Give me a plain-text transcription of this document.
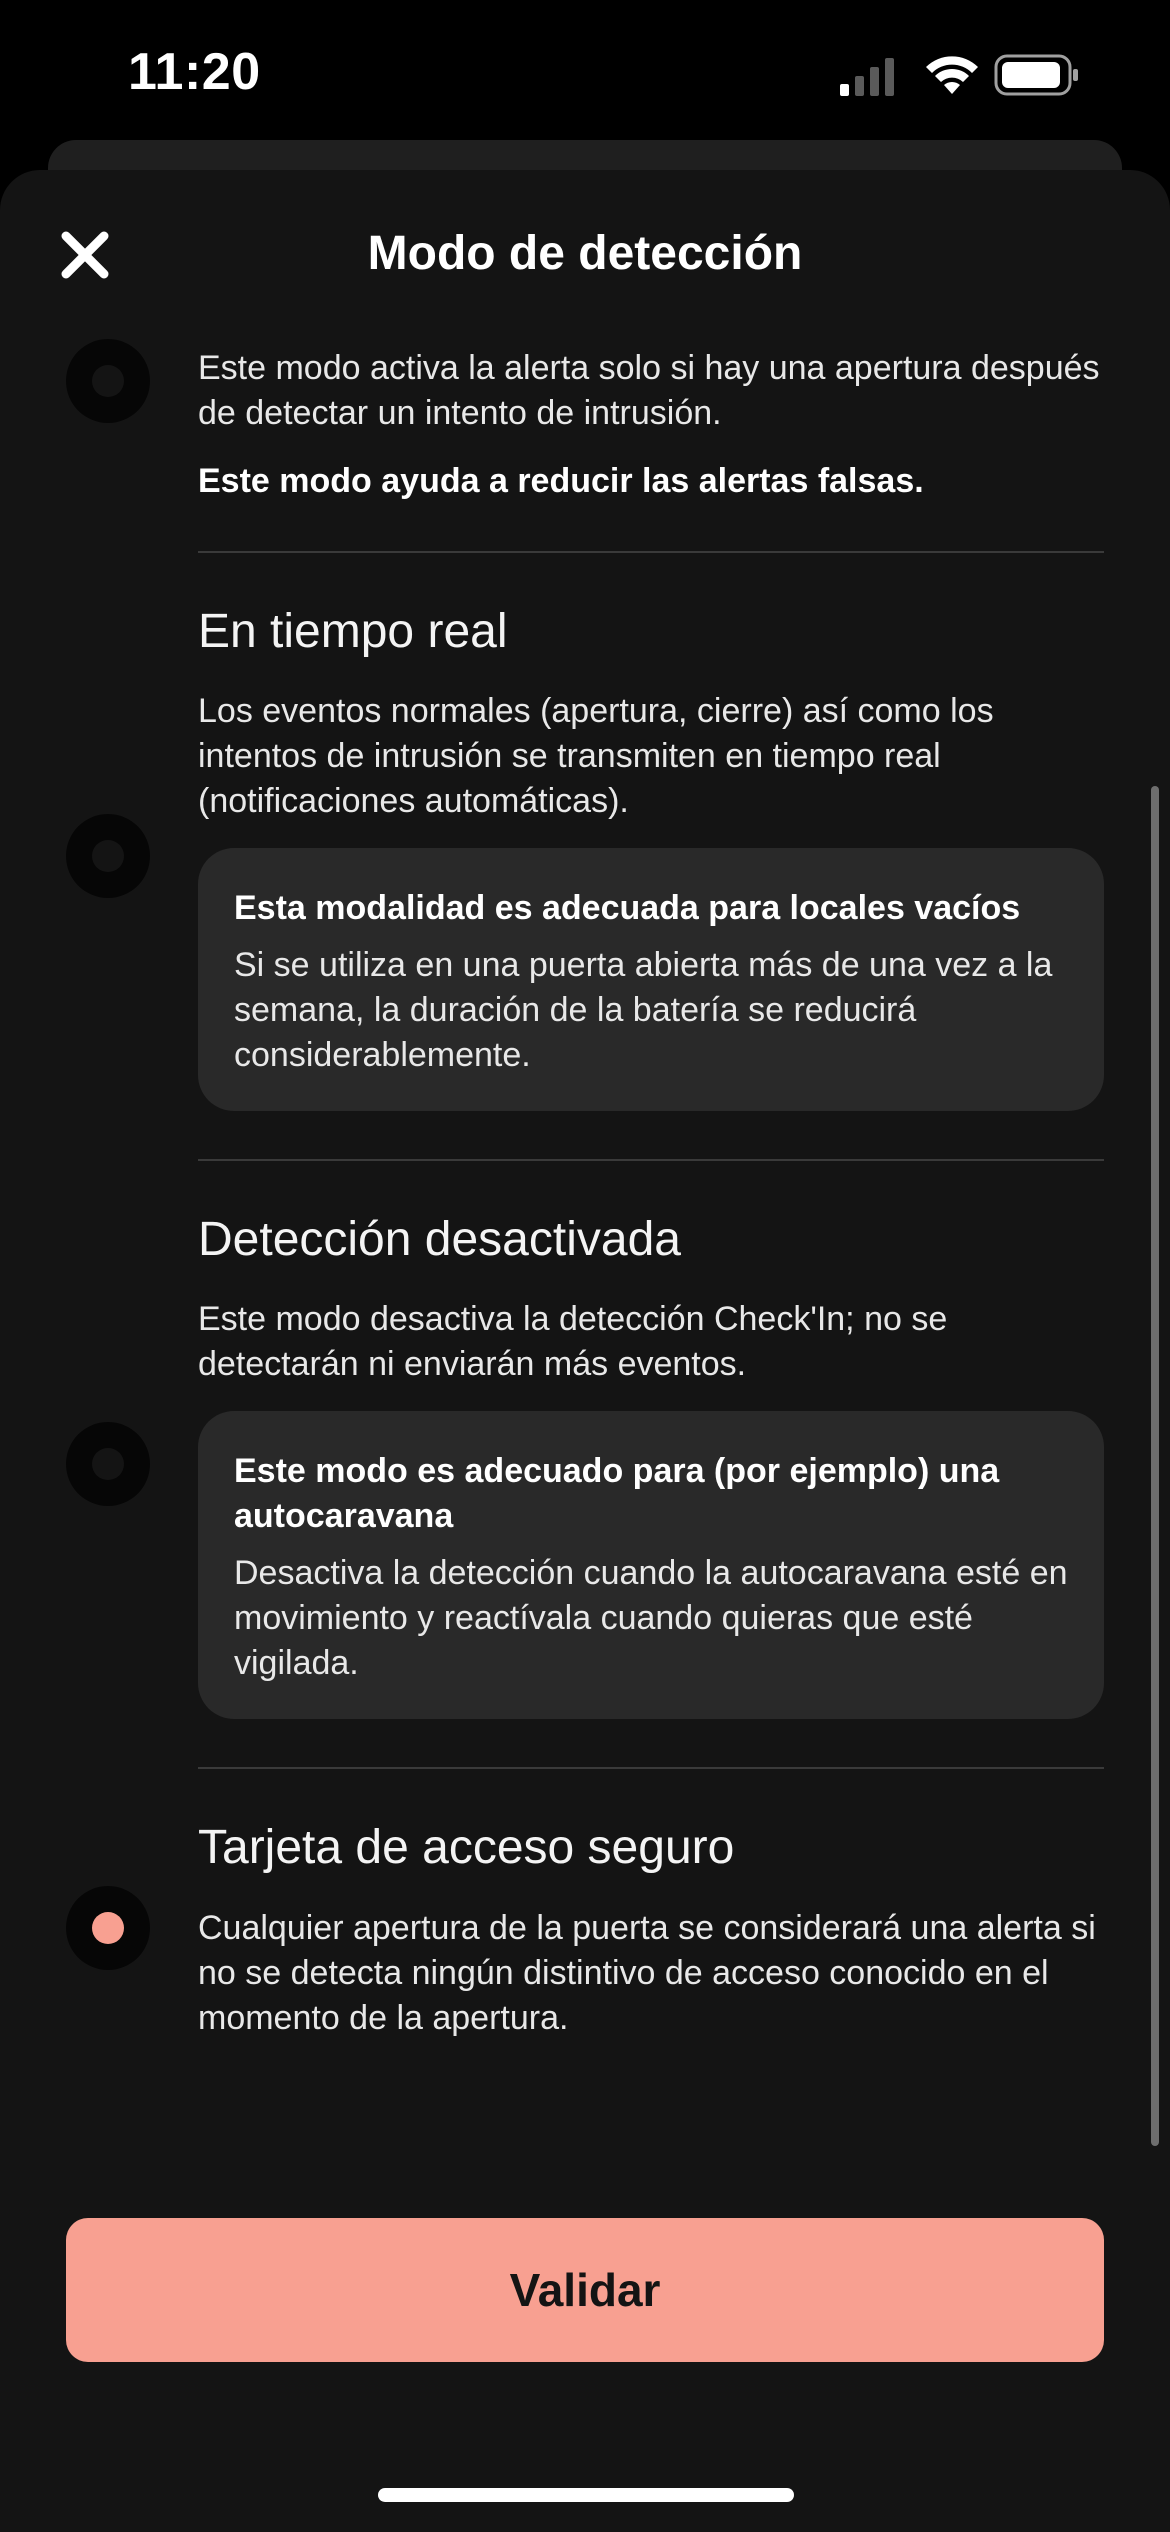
11:20
Modo de detección

Este modo activa la alerta solo si hay una apertura después de detectar un intento de intrusión.

Este modo ayuda a reducir las alertas falsas.

En tiempo real

Los eventos normales (apertura, cierre) así como los intentos de intrusión se transmiten en tiempo real (notificaciones automáticas).

Esta modalidad es adecuada para locales vacíos

Si se utiliza en una puerta abierta más de una vez a la semana, la duración de la batería se reducirá considerablemente.

Detección desactivada

Este modo desactiva la detección Check'In; no se detectarán ni enviarán más eventos.

Este modo es adecuado para (por ejemplo) una autocaravana

Desactiva la detección cuando la autocaravana esté en movimiento y reactívala cuando quieras que esté vigilada.

Tarjeta de acceso seguro

Cualquier apertura de la puerta se considerará una alerta si no se detecta ningún distintivo de acceso conocido en el momento de la apertura.

Validar
